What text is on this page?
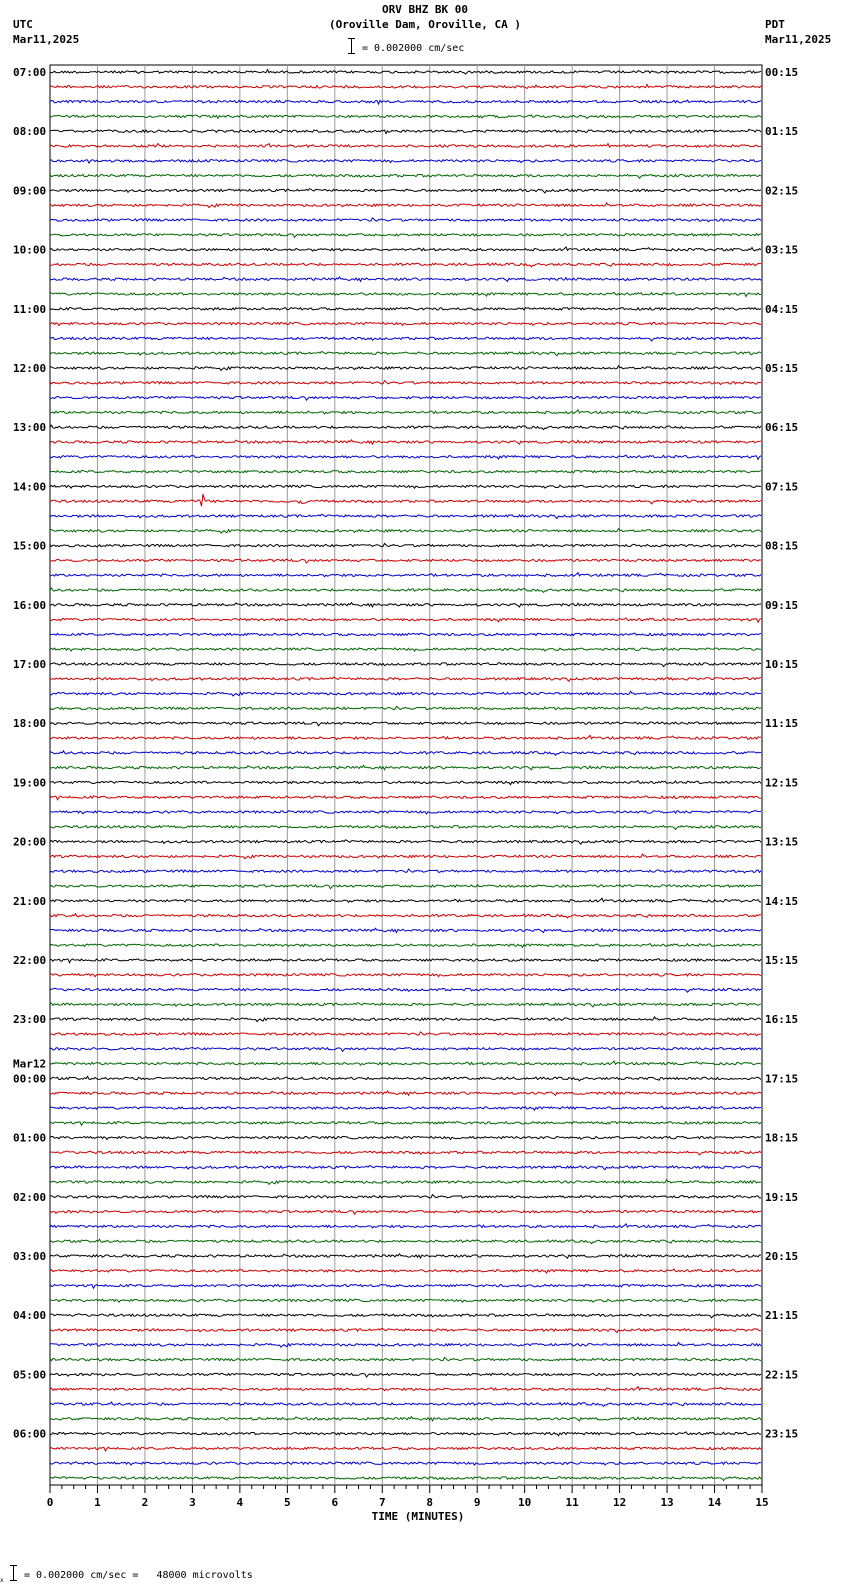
ORV BHZ BK 00
(Oroville Dam, Oroville, CA )
= 0.002000 cm/sec
UTC
Mar11,2025
PDT
Mar11,2025
07:00	00:15
08:00	01:15
09:00	02:15
10:00	03:15
11:00	04:15
12:00	05:15
13:00	06:15
14:00	07:15
15:00	08:15
16:00	09:15
17:00	10:15
18:00	11:15
19:00	12:15
20:00	13:15
21:00	14:15
22:00	15:15
23:00	16:15
00:00	17:15
Mar12
01:00	18:15
02:00	19:15
03:00	20:15
04:00	21:15
05:00	22:15
06:00	23:15
0	1	2	3	4	5	6	7	8	9	10	11	12	13	14	15
TIME (MINUTES)
x = 0.002000 cm/sec =   48000 microvolts
